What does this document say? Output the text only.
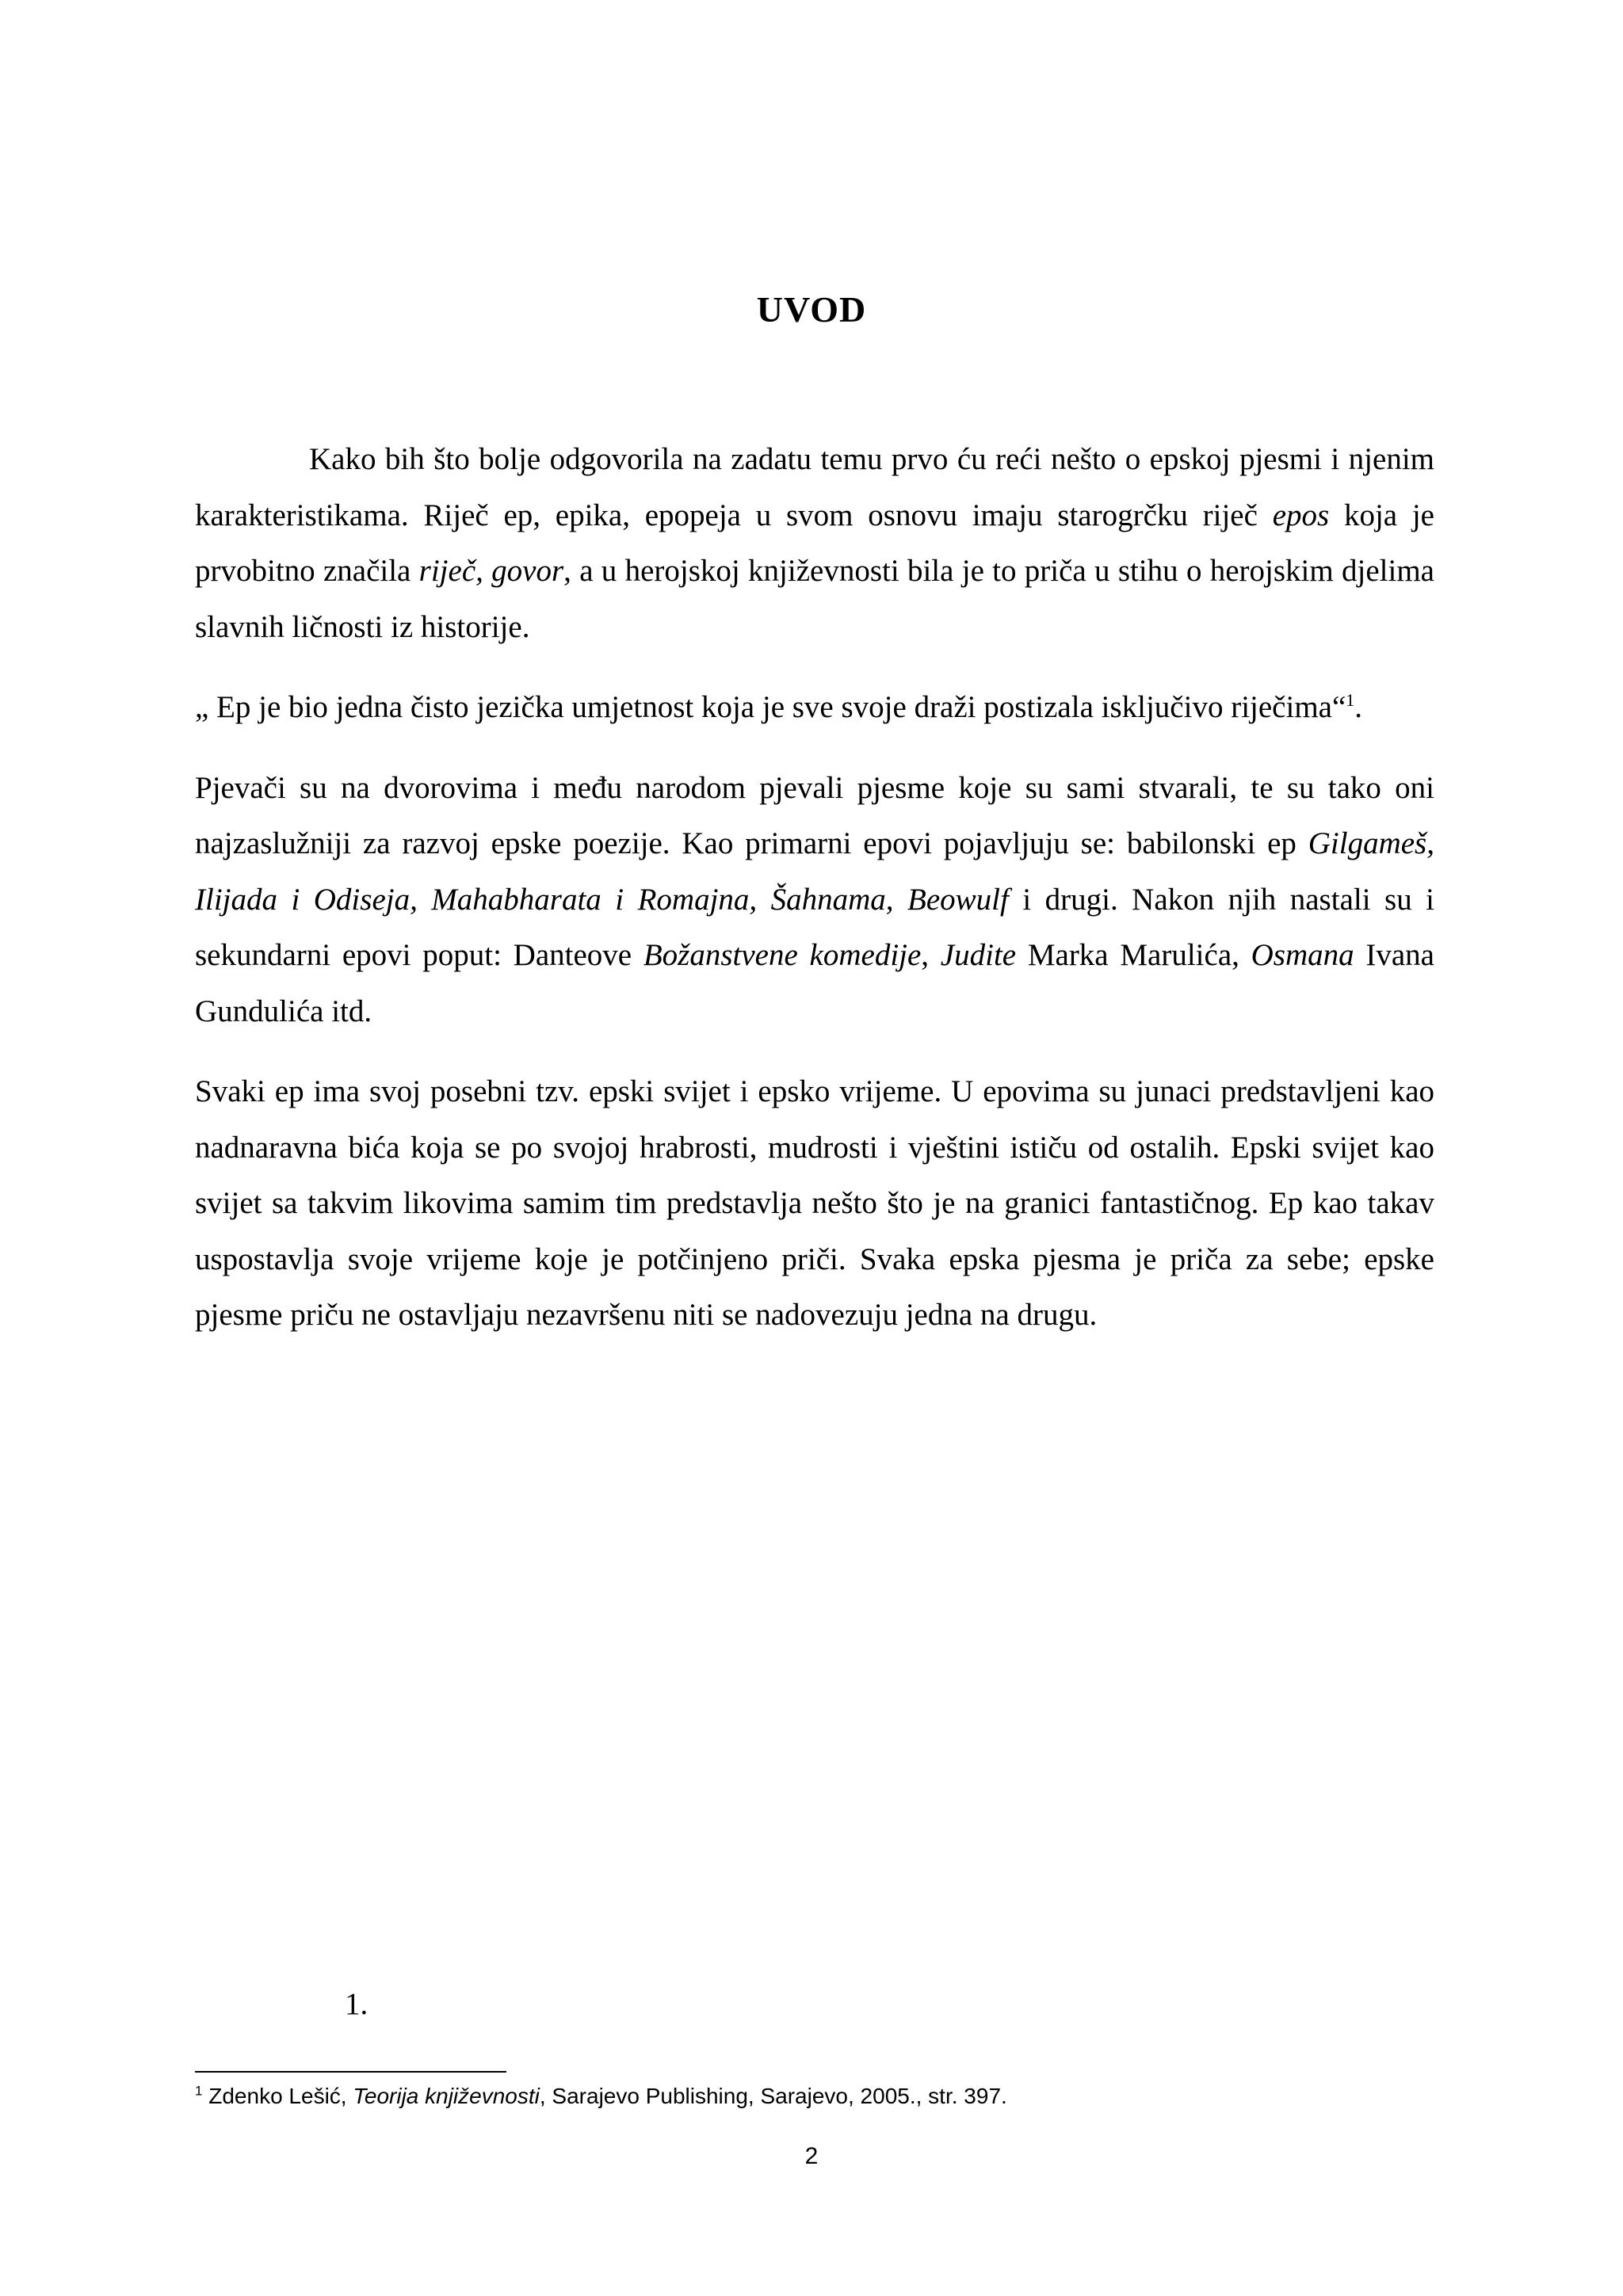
UVOD

Kako bih što bolje odgovorila na zadatu temu prvo ću reći nešto o epskoj pjesmi i njenim karakteristikama. Riječ ep, epika, epopeja u svom osnovu imaju starogrčku riječ epos koja je prvobitno značila riječ, govor, a u herojskoj književnosti bila je to priča u stihu o herojskim djelima slavnih ličnosti iz historije.

„ Ep je bio jedna čisto jezička umjetnost koja je sve svoje draži postizala isključivo riječima“$^1$.

Pjevači su na dvorovima i među narodom pjevali pjesme koje su sami stvarali, te su tako oni najzaslužniji za razvoj epske poezije. Kao primarni epovi pojavljuju se: babilonski ep Gilgameš, Ilijada i Odiseja, Mahabharata i Romajna, Šahnama, Beowulf i drugi. Nakon njih nastali su i sekundarni epovi poput: Danteove Božanstvene komedije, Judite Marka Marulića, Osmana Ivana Gundulića itd.

Svaki ep ima svoj posebni tzv. epski svijet i epsko vrijeme. U epovima su junaci predstavljeni kao nadnaravna bića koja se po svojoj hrabrosti, mudrosti i vještini ističu od ostalih. Epski svijet kao svijet sa takvim likovima samim tim predstavlja nešto što je na granici fantastičnog. Ep kao takav uspostavlja svoje vrijeme koje je potčinjeno priči. Svaka epska pjesma je priča za sebe; epske pjesme priču ne ostavljaju nezavršenu niti se nadovezuju jedna na drugu.

1.
$^1$ Zdenko Lešić, Teorija književnosti, Sarajevo Publishing, Sarajevo, 2005., str. 397.
2
